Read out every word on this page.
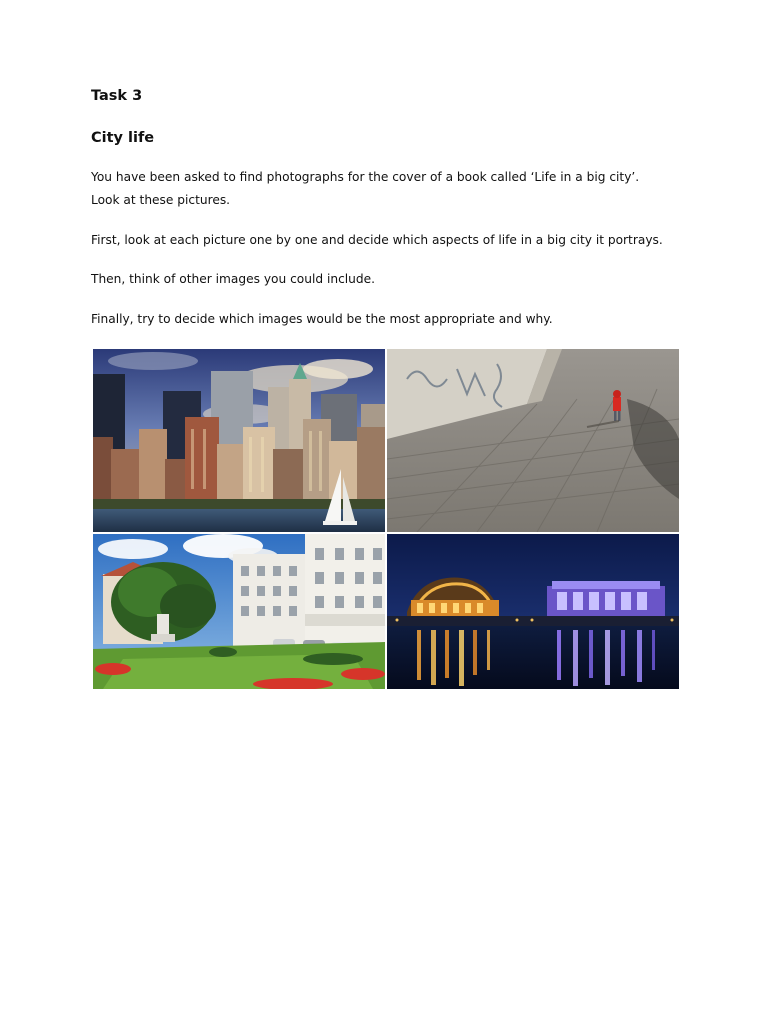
Task 3
City life

You have been asked to find photographs for the cover of a book called ‘Life in a big city’. Look at these pictures.

First, look at each picture one by one and decide which aspects of life in a big city it portrays.

Then, think of other images you could include.

Finally, try to decide which images would be the most appropriate and why.
